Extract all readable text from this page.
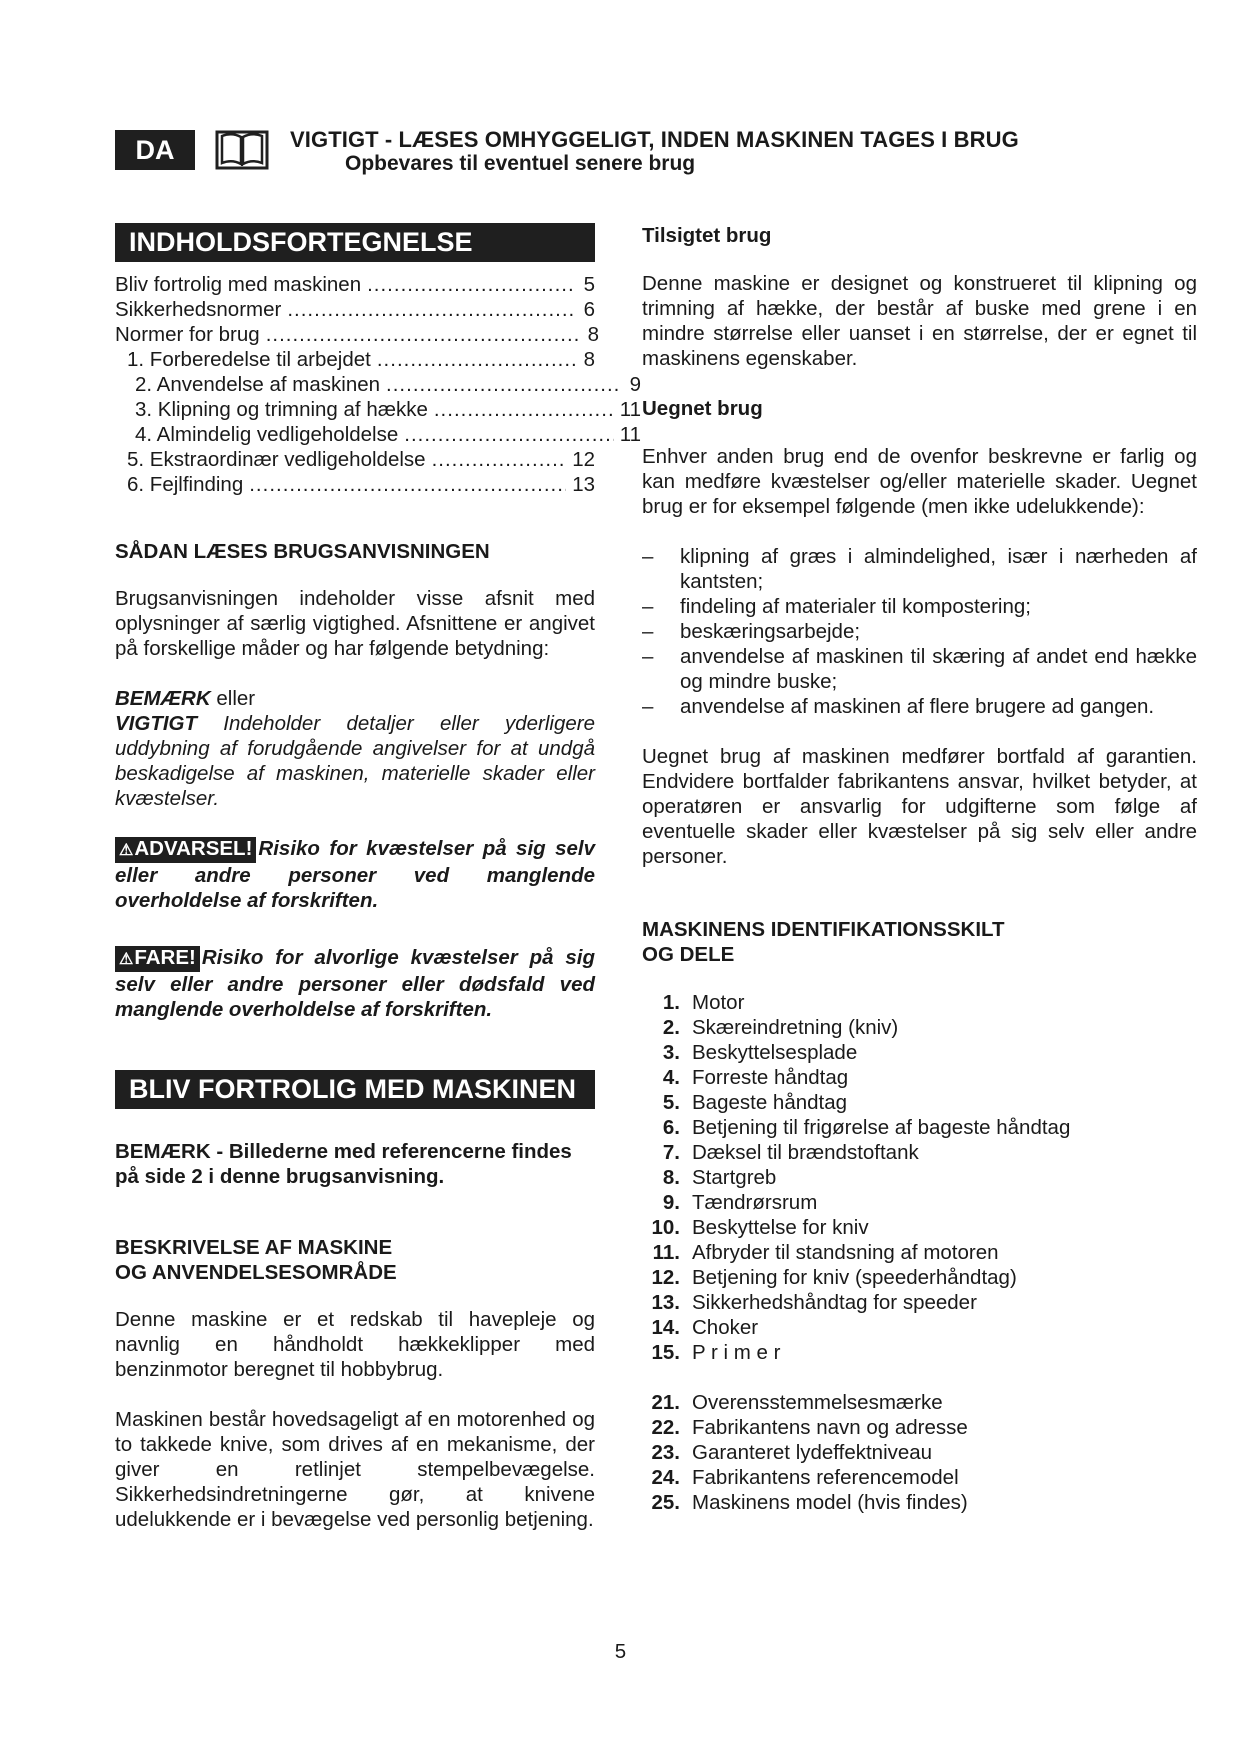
DA	VIGTIGT - LÆSES OMHYGGELIGT, INDEN MASKINEN TAGES I BRUG
Opbevares til eventuel senere brug
INDHOLDSFORTEGNELSE
Bliv fortrolig med maskinen .....	5
Sikkerhedsnormer .....	6
Normer for brug .....	8
1. Forberedelse til arbejdet .....	8
2. Anvendelse af maskinen .....	9
3. Klipning og trimning af hække .....	11
4. Almindelig vedligeholdelse .....	11
5. Ekstraordinær vedligeholdelse .....	12
6. Fejlfinding .....	13
SÅDAN LÆSES BRUGSANVISNINGEN
Brugsanvisningen indeholder visse afsnit med oplysninger af særlig vigtighed. Afsnittene er angivet på forskellige måder og har følgende betydning:
BEMÆRK eller
VIGTIGT Indeholder detaljer eller yderligere uddybning af forudgående angivelser for at undgå beskadigelse af maskinen, materielle skader eller kvæstelser.
⚠ADVARSEL! Risiko for kvæstelser på sig selv eller andre personer ved manglende overholdelse af forskriften.
⚠FARE! Risiko for alvorlige kvæstelser på sig selv eller andre personer eller dødsfald ved manglende overholdelse af forskriften.
BLIV FORTROLIG MED MASKINEN
BEMÆRK - Billederne med referencerne findes på side 2 i denne brugsanvisning.
BESKRIVELSE AF MASKINE
OG ANVENDELSESOMRÅDE
Denne maskine er et redskab til havepleje og navnlig en håndholdt hækkeklipper med benzinmotor beregnet til hobbybrug.
Maskinen består hovedsageligt af en motorenhed og to takkede knive, som drives af en mekanisme, der giver en retlinjet stempelbevægelse. Sikkerhedsindretningerne gør, at knivene udelukkende er i bevægelse ved personlig betjening.
Tilsigtet brug
Denne maskine er designet og konstrueret til klipning og trimning af hække, der består af buske med grene i en mindre størrelse eller uanset i en størrelse, der er egnet til maskinens egenskaber.
Uegnet brug
Enhver anden brug end de ovenfor beskrevne er farlig og kan medføre kvæstelser og/eller materielle skader. Uegnet brug er for eksempel følgende (men ikke udelukkende):
– klipning af græs i almindelighed, især i nærheden af kantsten;
– findeling af materialer til kompostering;
– beskæringsarbejde;
– anvendelse af maskinen til skæring af andet end hække og mindre buske;
– anvendelse af maskinen af flere brugere ad gangen.
Uegnet brug af maskinen medfører bortfald af garantien. Endvidere bortfalder fabrikantens ansvar, hvilket betyder, at operatøren er ansvarlig for udgifterne som følge af eventuelle skader eller kvæstelser på sig selv eller andre personer.
MASKINENS IDENTIFIKATIONSSKILT
OG DELE
1. Motor
2. Skæreindretning (kniv)
3. Beskyttelsesplade
4. Forreste håndtag
5. Bageste håndtag
6. Betjening til frigørelse af bageste håndtag
7. Dæksel til brændstoftank
8. Startgreb
9. Tændrørsrum
10. Beskyttelse for kniv
11. Afbryder til standsning af motoren
12. Betjening for kniv (speederhåndtag)
13. Sikkerhedshåndtag for speeder
14. Choker
15. P r i m e r
21. Overensstemmelsesmærke
22. Fabrikantens navn og adresse
23. Garanteret lydeffektniveau
24. Fabrikantens referencemodel
25. Maskinens model (hvis findes)
5
